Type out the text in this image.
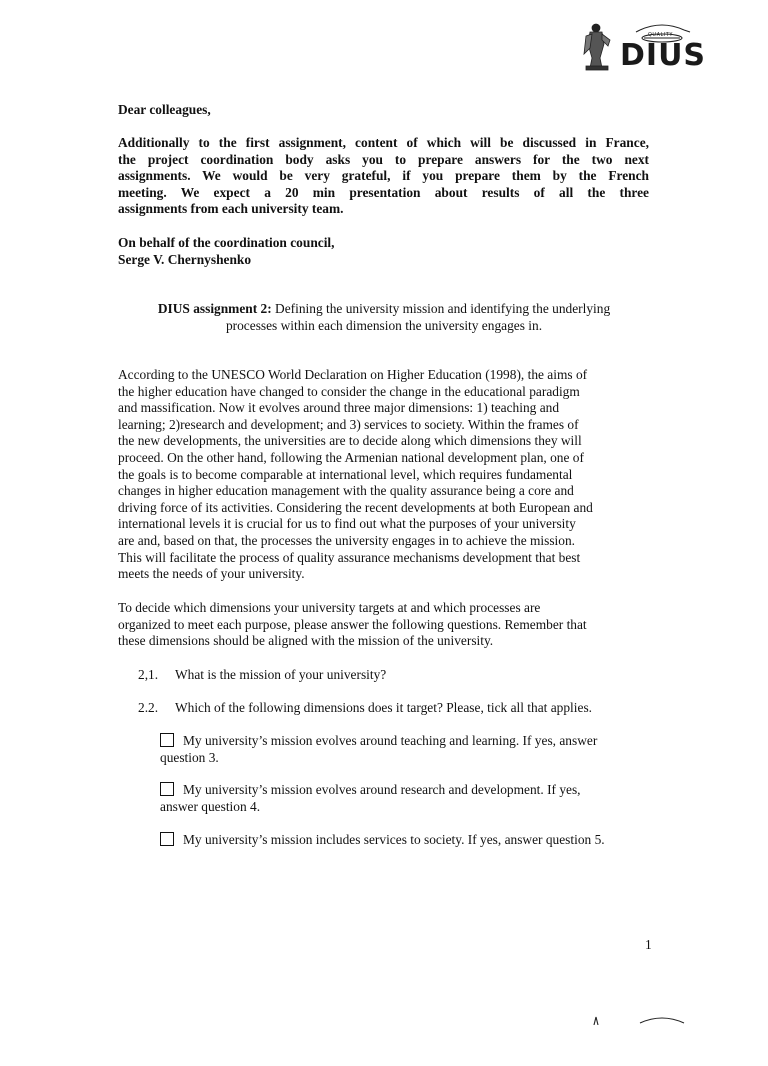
QUALITY
DIUS
Dear colleagues,
Additionally to the first assignment, content of which will be discussed in France,
the project coordination body asks you to prepare answers for the two next
assignments. We would be very grateful, if you prepare them by the French
meeting. We expect a 20 min presentation about results of all the three
assignments from each university team.
On behalf of the coordination council,
Serge V. Chernyshenko
DIUS assignment 2: Defining the university mission and identifying the underlying
processes within each dimension the university engages in.
According to the UNESCO World Declaration on Higher Education (1998), the aims of
the higher education have changed to consider the change in the educational paradigm
and massification. Now it evolves around three major dimensions: 1) teaching and
learning; 2)research and development; and 3) services to society. Within the frames of
the new developments, the universities are to decide along which dimensions they will
proceed. On the other hand, following the Armenian national development plan, one of
the goals is to become comparable at international level, which requires fundamental
changes in higher education management with the quality assurance being a core and
driving force of its activities. Considering the recent developments at both European and
international levels it is crucial for us to find out what the purposes of your university
are and, based on that, the processes the university engages in to achieve the mission.
This will facilitate the process of quality assurance mechanisms development that best
meets the needs of your university.
To decide which dimensions your university targets at and which processes are
organized to meet each purpose, please answer the following questions. Remember that
these dimensions should be aligned with the mission of the university.
2,1. What is the mission of your university?
2.2. Which of the following dimensions does it target? Please, tick all that applies.
My university’s mission evolves around teaching and learning. If yes, answer
question 3.
My university’s mission evolves around research and development. If yes,
answer question 4.
My university’s mission includes services to society. If yes, answer question 5.
1
